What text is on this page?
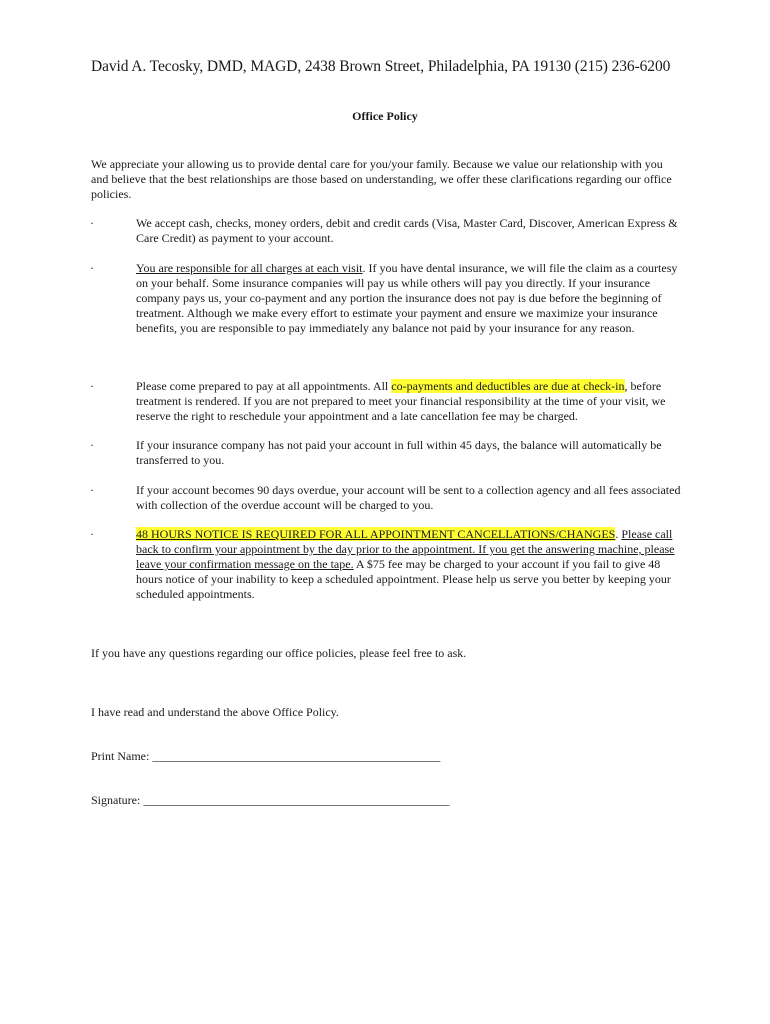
David A. Tecosky, DMD, MAGD, 2438 Brown Street, Philadelphia, PA 19130 (215) 236-6200
Office Policy
We appreciate your allowing us to provide dental care for you/your family. Because we value our relationship with you and believe that the best relationships are those based on understanding, we offer these clarifications regarding our office policies.
·	We accept cash, checks, money orders, debit and credit cards (Visa, Master Card, Discover, American Express & Care Credit) as payment to your account.
·	You are responsible for all charges at each visit. If you have dental insurance, we will file the claim as a courtesy on your behalf. Some insurance companies will pay us while others will pay you directly. If your insurance company pays us, your co-payment and any portion the insurance does not pay is due before the beginning of treatment. Although we make every effort to estimate your payment and ensure we maximize your insurance benefits, you are responsible to pay immediately any balance not paid by your insurance for any reason.
·	Please come prepared to pay at all appointments. All co-payments and deductibles are due at check-in, before treatment is rendered. If you are not prepared to meet your financial responsibility at the time of your visit, we reserve the right to reschedule your appointment and a late cancellation fee may be charged.
·	If your insurance company has not paid your account in full within 45 days, the balance will automatically be transferred to you.
·	If your account becomes 90 days overdue, your account will be sent to a collection agency and all fees associated with collection of the overdue account will be charged to you.
·	48 HOURS NOTICE IS REQUIRED FOR ALL APPOINTMENT CANCELLATIONS/CHANGES. Please call back to confirm your appointment by the day prior to the appointment. If you get the answering machine, please leave your confirmation message on the tape. A $75 fee may be charged to your account if you fail to give 48 hours notice of your inability to keep a scheduled appointment. Please help us serve you better by keeping your scheduled appointments.
If you have any questions regarding our office policies, please feel free to ask.
I have read and understand the above Office Policy.
Print Name: ________________________________________________
Signature: ___________________________________________________
